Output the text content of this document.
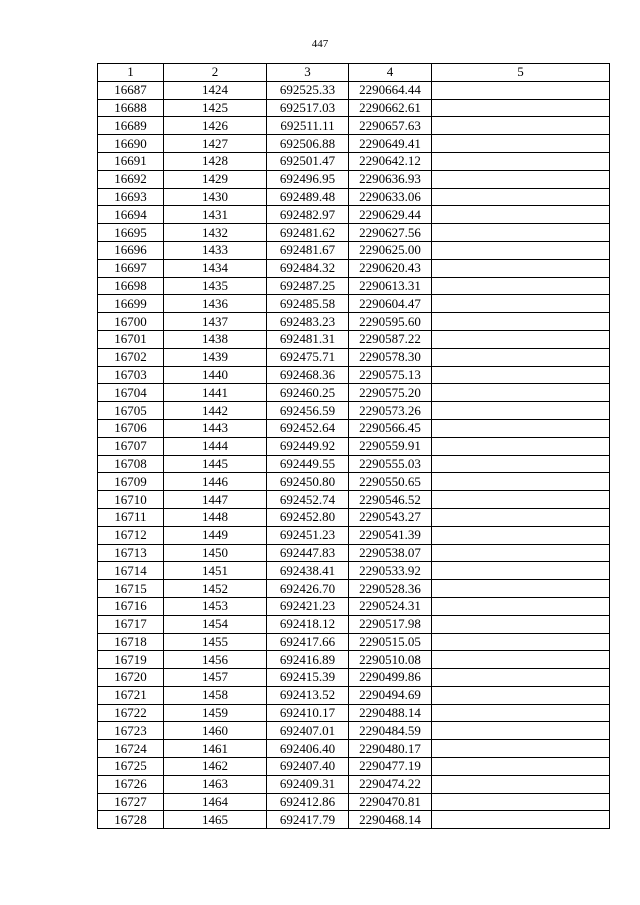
447
1	2	3	4	5
16687	1424	692525.33	2290664.44	
16688	1425	692517.03	2290662.61	
16689	1426	692511.11	2290657.63	
16690	1427	692506.88	2290649.41	
16691	1428	692501.47	2290642.12	
16692	1429	692496.95	2290636.93	
16693	1430	692489.48	2290633.06	
16694	1431	692482.97	2290629.44	
16695	1432	692481.62	2290627.56	
16696	1433	692481.67	2290625.00	
16697	1434	692484.32	2290620.43	
16698	1435	692487.25	2290613.31	
16699	1436	692485.58	2290604.47	
16700	1437	692483.23	2290595.60	
16701	1438	692481.31	2290587.22	
16702	1439	692475.71	2290578.30	
16703	1440	692468.36	2290575.13	
16704	1441	692460.25	2290575.20	
16705	1442	692456.59	2290573.26	
16706	1443	692452.64	2290566.45	
16707	1444	692449.92	2290559.91	
16708	1445	692449.55	2290555.03	
16709	1446	692450.80	2290550.65	
16710	1447	692452.74	2290546.52	
16711	1448	692452.80	2290543.27	
16712	1449	692451.23	2290541.39	
16713	1450	692447.83	2290538.07	
16714	1451	692438.41	2290533.92	
16715	1452	692426.70	2290528.36	
16716	1453	692421.23	2290524.31	
16717	1454	692418.12	2290517.98	
16718	1455	692417.66	2290515.05	
16719	1456	692416.89	2290510.08	
16720	1457	692415.39	2290499.86	
16721	1458	692413.52	2290494.69	
16722	1459	692410.17	2290488.14	
16723	1460	692407.01	2290484.59	
16724	1461	692406.40	2290480.17	
16725	1462	692407.40	2290477.19	
16726	1463	692409.31	2290474.22	
16727	1464	692412.86	2290470.81	
16728	1465	692417.79	2290468.14	
